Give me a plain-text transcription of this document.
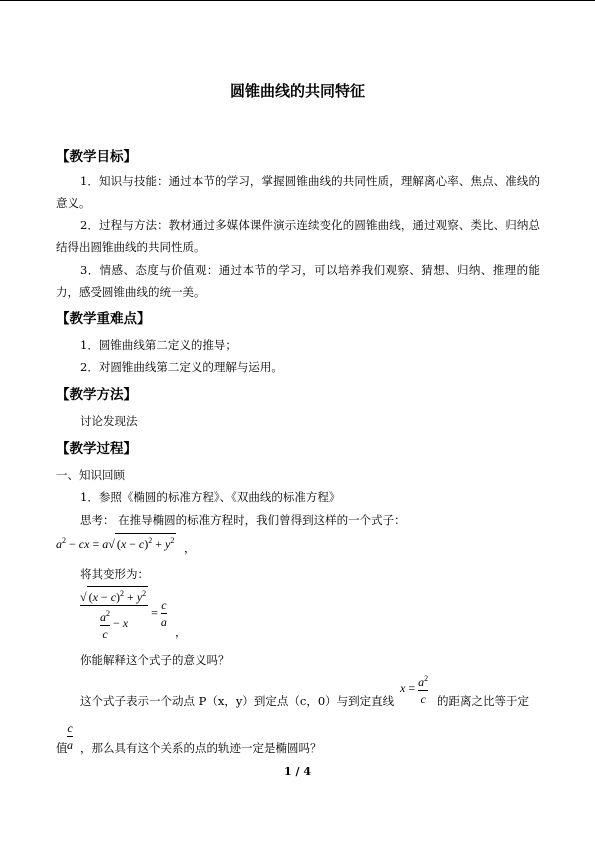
圆锥曲线的共同特征
【教学目标】

1．知识与技能：通过本节的学习，掌握圆锥曲线的共同性质，理解离心率、焦点、准线的意义。

2．过程与方法：教材通过多媒体课件演示连续变化的圆锥曲线，通过观察、类比、归纳总结得出圆锥曲线的共同性质。

3．情感、态度与价值观：通过本节的学习，可以培养我们观察、猜想、归纳、推理的能力，感受圆锥曲线的统一美。

【教学重难点】
1．圆锥曲线第二定义的推导；
2．对圆锥曲线第二定义的理解与运用。
【教学方法】
讨论发现法
【教学过程】
一、知识回顾
1．参照《椭圆的标准方程》、《双曲线的标准方程》
思考： 在推导椭圆的标准方程时，我们曾得到这样的一个式子：
$a^2$ − cx = a√ $(x - c)^2 + y^2$
，
将其变形为：
$\frac{√ (x - c)^2 + y^2}{\frac{a^2}{c} - x} = \frac{c}{a}$
，
你能解释这个式子的意义吗？
这个式子表示一个动点 P（x，y）到定点（c，0）与到定直线
$x = \frac{a^2}{c}$ 的距离之比等于定
值 $\frac{c}{a}$ ，那么具有这个关系的点的轨迹一定是椭圆吗？
1 / 4
